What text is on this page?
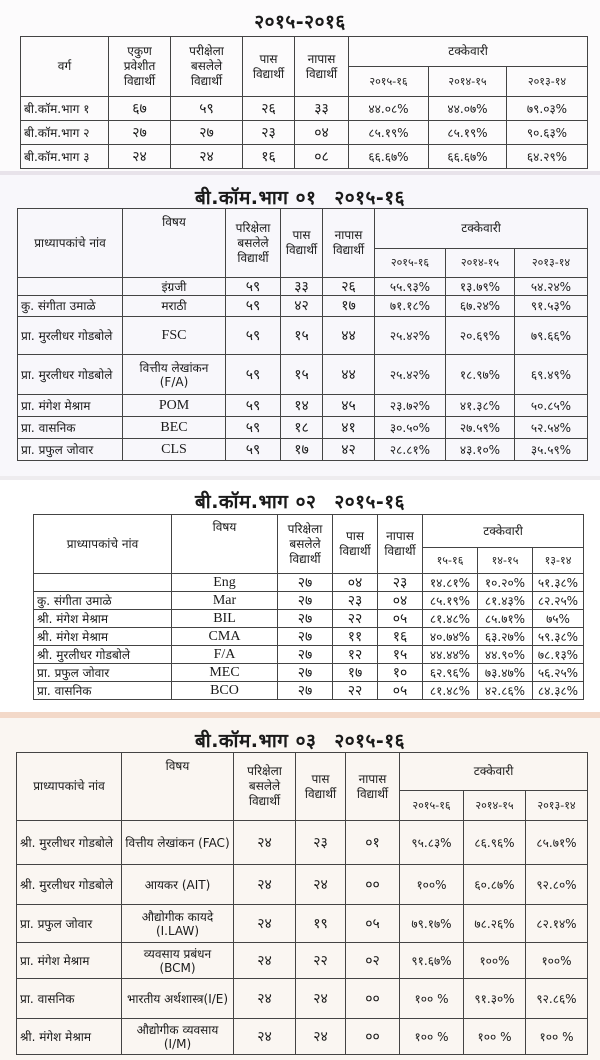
२०१५-२०१६
वर्ग	एकुण प्रवेशीत विद्यार्थी	परीक्षेला बसलेले विद्यार्थी	पास विद्यार्थी	नापास विद्यार्थी	टक्केवारी		
					२०१५-१६	२०१४-१५	२०१३-१४
बी.कॉम.भाग १	६७	५९	२६	३३	४४.०८%	४४.०७%	७९.०३%
बी.कॉम.भाग २	२७	२७	२३	०४	८५.१९%	८५.१९%	९०.६३%
बी.कॉम.भाग ३	२४	२४	१६	०८	६६.६७%	६६.६७%	६४.२९%
बी.कॉम.भाग ०१ २०१५-१६
प्राध्यापकांचे नांव	विषय	परिक्षेला बसलेले विद्यार्थी	पास विद्यार्थी	नापास विद्यार्थी	टक्केवारी		
					२०१५-१६	२०१४-१५	२०१३-१४
	इंग्रजी	५९	३३	२६	५५.९३%	१३.७९%	५४.२४%
कु. संगीता उमाळे	मराठी	५९	४२	१७	७१.१८%	६७.२४%	९१.५३%
प्रा. मुरलीधर गोडबोले	FSC	५९	१५	४४	२५.४२%	२०.६९%	७९.६६%
प्रा. मुरलीधर गोडबोले	वित्तीय लेखांकन (F/A)	५९	१५	४४	२५.४२%	१८.९७%	६९.४९%
प्रा. मंगेश मेश्राम	POM	५९	१४	४५	२३.७२%	४१.३८%	५०.८५%
प्रा. वासनिक	BEC	५९	१८	४१	३०.५०%	२७.५९%	५२.५४%
प्रा. प्रफुल जोवार	CLS	५९	१७	४२	२८.८१%	४३.१०%	३५.५९%
बी.कॉम.भाग ०२ २०१५-१६
प्राध्यापकांचे नांव	विषय	परिक्षेला बसलेले विद्यार्थी	पास विद्यार्थी	नापास विद्यार्थी	टक्केवारी		
					१५-१६	१४-१५	१३-१४
	Eng	२७	०४	२३	१४.८१%	१०.२०%	५१.३८%
कु. संगीता उमाळे	Mar	२७	२३	०४	८५.१९%	८१.४३%	८२.२५%
श्री. मंगेश मेश्राम	BIL	२७	२२	०५	८१.४८%	८५.७१%	७५%
श्री. मंगेश मेश्राम	CMA	२७	११	१६	४०.७४%	६३.२७%	५९.३८%
श्री. मुरलीधर गोडबोले	F/A	२७	१२	१५	४४.४४%	४४.९०%	७८.१३%
प्रा. प्रफुल जोवार	MEC	२७	१७	१०	६२.९६%	७३.४७%	५६.२५%
प्रा. वासनिक	BCO	२७	२२	०५	८१.४८%	४२.८६%	८४.३८%
बी.कॉम.भाग ०३ २०१५-१६
प्राध्यापकांचे नांव	विषय	परिक्षेला बसलेले विद्यार्थी	पास विद्यार्थी	नापास विद्यार्थी	टक्केवारी		
					२०१५-१६	२०१४-१५	२०१३-१४
श्री. मुरलीधर गोडबोले	वित्तीय लेखांकन (FAC)	२४	२३	०१	९५.८३%	८६.९६%	८५.७१%
श्री. मुरलीधर गोडबोले	आयकर (AIT)	२४	२४	००	१००%	६०.८७%	९२.८०%
प्रा. प्रफुल जोवार	औद्योगीक कायदे (I.LAW)	२४	१९	०५	७९.१७%	७८.२६%	८२.१४%
प्रा. मंगेश मेश्राम	व्यवसाय प्रबंधन (BCM)	२४	२२	०२	९१.६७%	१००%	१००%
प्रा. वासनिक	भारतीय अर्थशास्त्र(I/E)	२४	२४	००	१०० %	९१.३०%	९२.८६%
श्री. मंगेश मेश्राम	औद्योगीक व्यवसाय (I/M)	२४	२४	००	१०० %	१०० %	१०० %
